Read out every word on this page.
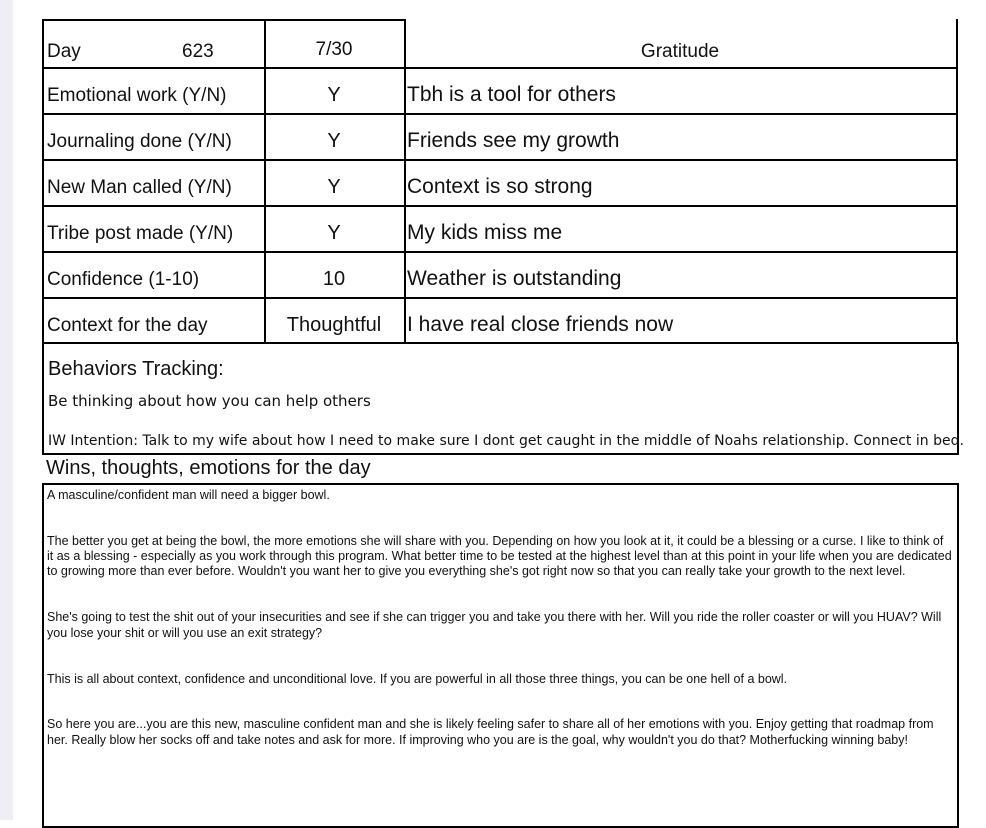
Day	623	7/30	Gratitude
Emotional work (Y/N)	Y	Tbh is a tool for others
Journaling done (Y/N)	Y	Friends see my growth
New Man called (Y/N)	Y	Context is so strong
Tribe post made (Y/N)	Y	My kids miss me
Confidence (1-10)	10	Weather is outstanding
Context for the day	Thoughtful	I have real close friends now
Behaviors Tracking:
Be thinking about how you can help others
IW Intention: Talk to my wife about how I need to make sure I dont get caught in the middle of Noahs relationship. Connect in bed.
Wins, thoughts, emotions for the day

A masculine/confident man will need a bigger bowl.

The better you get at being the bowl, the more emotions she will share with you. Depending on how you look at it, it could be a blessing or a curse. I like to think of it as a blessing - especially as you work through this program. What better time to be tested at the highest level than at this point in your life when you are dedicated to growing more than ever before. Wouldn't you want her to give you everything she's got right now so that you can really take your growth to the next level.

She's going to test the shit out of your insecurities and see if she can trigger you and take you there with her. Will you ride the roller coaster or will you HUAV? Will you lose your shit or will you use an exit strategy?

This is all about context, confidence and unconditional love. If you are powerful in all those three things, you can be one hell of a bowl.

So here you are...you are this new, masculine confident man and she is likely feeling safer to share all of her emotions with you. Enjoy getting that roadmap from her. Really blow her socks off and take notes and ask for more. If improving who you are is the goal, why wouldn't you do that? Motherfucking winning baby!
